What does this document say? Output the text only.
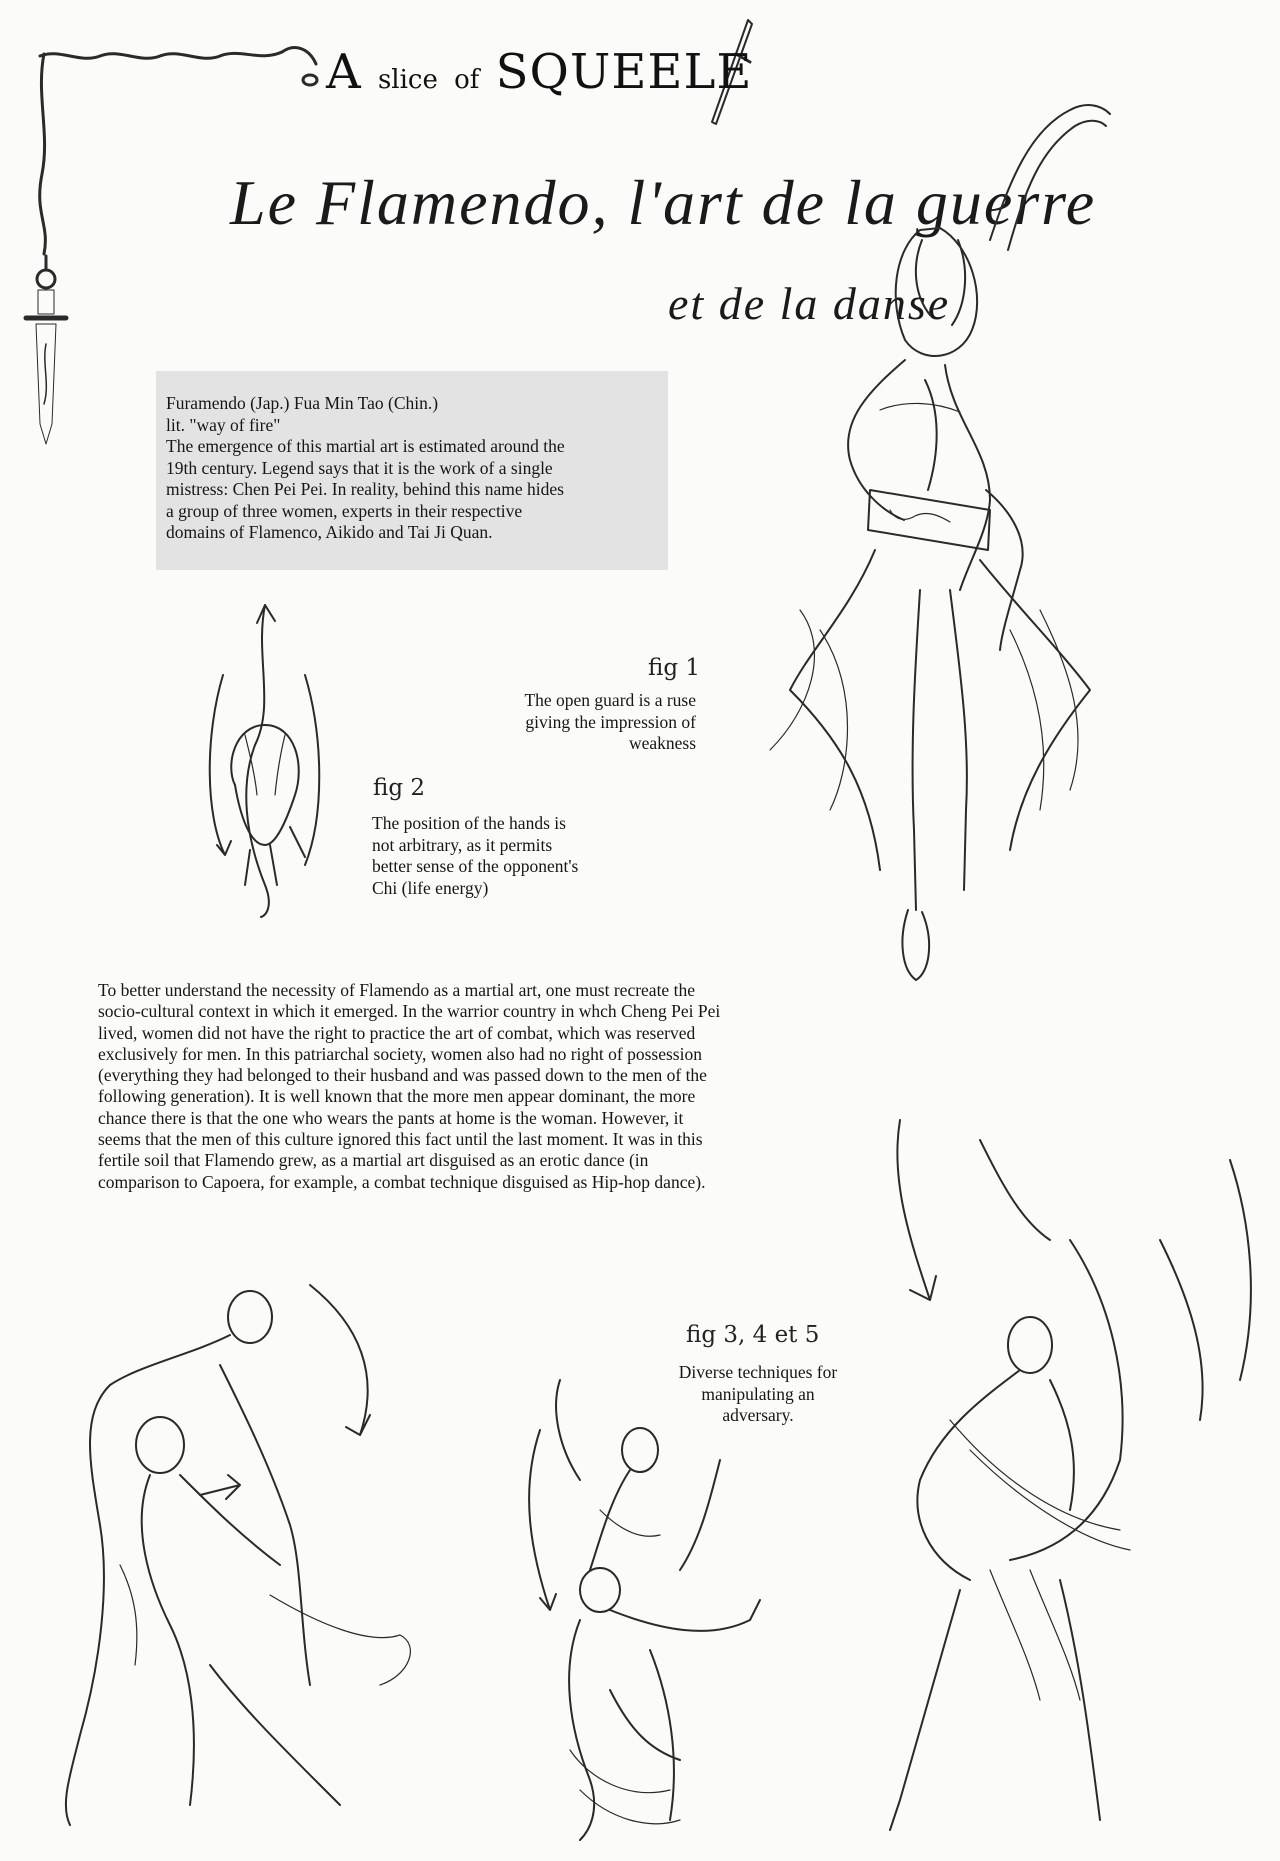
A slice of SQUEELE
Le Flamendo, l'art de la guerre
et de la danse
Furamendo (Jap.) Fua Min Tao (Chin.)
lit. "way of fire"
The emergence of this martial art is estimated around the
19th century. Legend says that it is the work of a single
mistress: Chen Pei Pei. In reality, behind this name hides
a group of three women, experts in their respective
domains of Flamenco, Aikido and Tai Ji Quan.
fig 1
The open guard is a ruse
giving the impression of
weakness
fig 2
The position of the hands is
not arbitrary, as it permits
better sense of the opponent's
Chi (life energy)
To better understand the necessity of Flamendo as a martial art, one must recreate the
socio-cultural context in which it emerged. In the warrior country in whch Cheng Pei Pei
lived, women did not have the right to practice the art of combat, which was reserved
exclusively for men. In this patriarchal society, women also had no right of possession
(everything they had belonged to their husband and was passed down to the men of the
following generation). It is well known that the more men appear dominant, the more
chance there is that the one who wears the pants at home is the woman. However, it
seems that the men of this culture ignored this fact until the last moment. It was in this
fertile soil that Flamendo grew, as a martial art disguised as an erotic dance (in
comparison to Capoera, for example, a combat technique disguised as Hip-hop dance).
fig 3, 4 et 5
Diverse techniques for
manipulating an
adversary.
